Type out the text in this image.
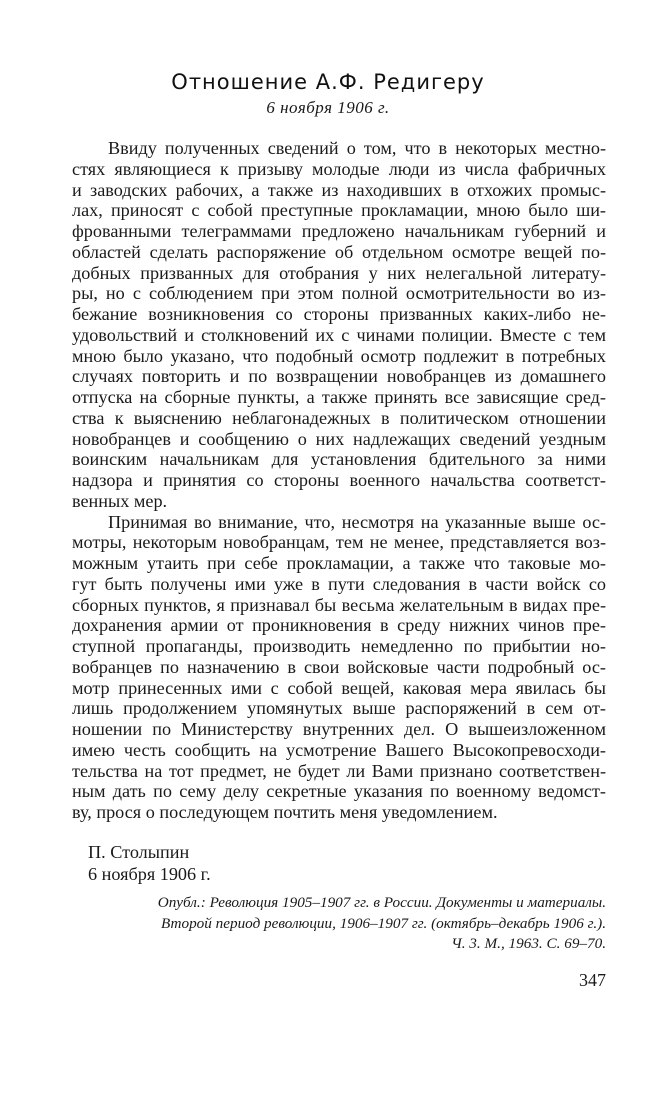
Отношение А.Ф. Редигеру
6 ноября 1906 г.
Ввиду полученных сведений о том, что в некоторых местно-
стях являющиеся к призыву молодые люди из числа фабричных
и заводских рабочих, а также из находивших в отхожих промыс-
лах, приносят с собой преступные прокламации, мною было ши-
фрованными телеграммами предложено начальникам губерний и
областей сделать распоряжение об отдельном осмотре вещей по-
добных призванных для отобрания у них нелегальной литерату-
ры, но с соблюдением при этом полной осмотрительности во из-
бежание возникновения со стороны призванных каких-либо не-
удовольствий и столкновений их с чинами полиции. Вместе с тем
мною было указано, что подобный осмотр подлежит в потребных
случаях повторить и по возвращении новобранцев из домашнего
отпуска на сборные пункты, а также принять все зависящие сред-
ства к выяснению неблагонадежных в политическом отношении
новобранцев и сообщению о них надлежащих сведений уездным
воинским начальникам для установления бдительного за ними
надзора и принятия со стороны военного начальства соответст-
венных мер.
Принимая во внимание, что, несмотря на указанные выше ос-
мотры, некоторым новобранцам, тем не менее, представляется воз-
можным утаить при себе прокламации, а также что таковые мо-
гут быть получены ими уже в пути следования в части войск со
сборных пунктов, я признавал бы весьма желательным в видах пре-
дохранения армии от проникновения в среду нижних чинов пре-
ступной пропаганды, производить немедленно по прибытии но-
вобранцев по назначению в свои войсковые части подробный ос-
мотр принесенных ими с собой вещей, каковая мера явилась бы
лишь продолжением упомянутых выше распоряжений в сем от-
ношении по Министерству внутренних дел. О вышеизложенном
имею честь сообщить на усмотрение Вашего Высокопревосходи-
тельства на тот предмет, не будет ли Вами признано соответствен-
ным дать по сему делу секретные указания по военному ведомст-
ву, прося о последующем почтить меня уведомлением.
П. Столыпин
6 ноября 1906 г.
Опубл.: Революция 1905–1907 гг. в России. Документы и материалы.
Второй период революции, 1906–1907 гг. (октябрь–декабрь 1906 г.).
Ч. 3. М., 1963. С. 69–70.
347
